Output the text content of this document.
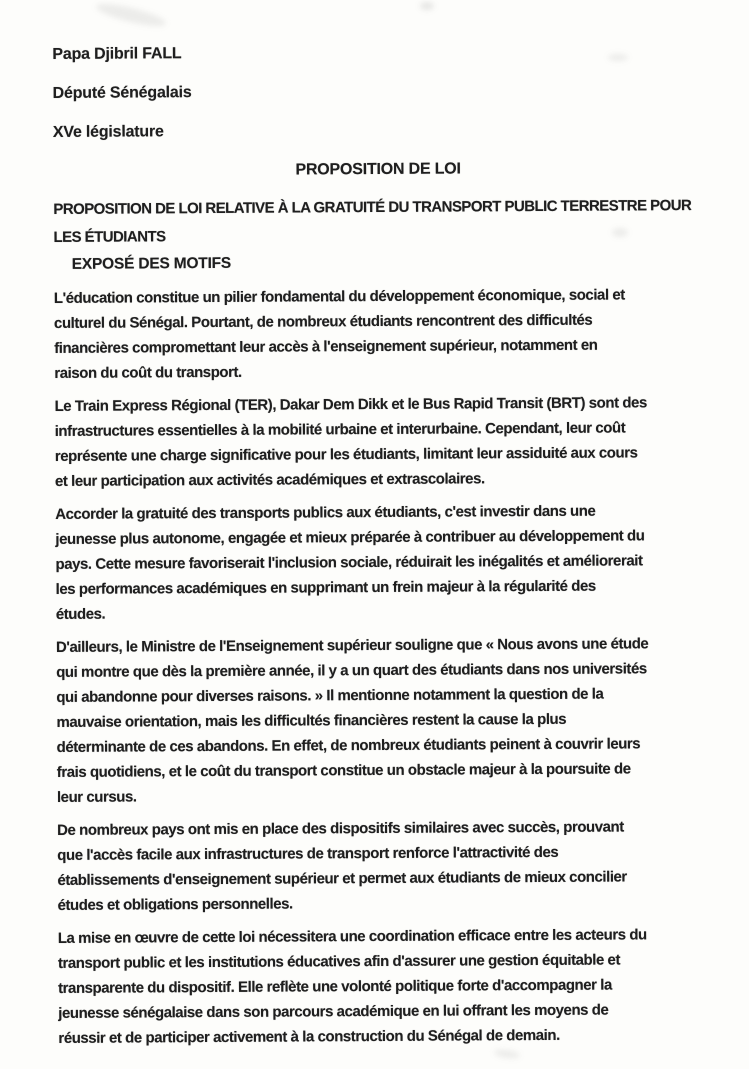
Papa Djibril FALL

Député Sénégalais

XVe législature

PROPOSITION DE LOI
PROPOSITION DE LOI RELATIVE À LA GRATUITÉ DU TRANSPORT PUBLIC TERRESTRE POUR
LES ÉTUDIANTS
EXPOSÉ DES MOTIFS
L'éducation constitue un pilier fondamental du développement économique, social et
culturel du Sénégal. Pourtant, de nombreux étudiants rencontrent des difficultés
financières compromettant leur accès à l'enseignement supérieur, notamment en
raison du coût du transport.
Le Train Express Régional (TER), Dakar Dem Dikk et le Bus Rapid Transit (BRT) sont des
infrastructures essentielles à la mobilité urbaine et interurbaine. Cependant, leur coût
représente une charge significative pour les étudiants, limitant leur assiduité aux cours
et leur participation aux activités académiques et extrascolaires.
Accorder la gratuité des transports publics aux étudiants, c'est investir dans une
jeunesse plus autonome, engagée et mieux préparée à contribuer au développement du
pays. Cette mesure favoriserait l'inclusion sociale, réduirait les inégalités et améliorerait
les performances académiques en supprimant un frein majeur à la régularité des
études.
D'ailleurs, le Ministre de l'Enseignement supérieur souligne que « Nous avons une étude
qui montre que dès la première année, il y a un quart des étudiants dans nos universités
qui abandonne pour diverses raisons. » Il mentionne notamment la question de la
mauvaise orientation, mais les difficultés financières restent la cause la plus
déterminante de ces abandons. En effet, de nombreux étudiants peinent à couvrir leurs
frais quotidiens, et le coût du transport constitue un obstacle majeur à la poursuite de
leur cursus.
De nombreux pays ont mis en place des dispositifs similaires avec succès, prouvant
que l'accès facile aux infrastructures de transport renforce l'attractivité des
établissements d'enseignement supérieur et permet aux étudiants de mieux concilier
études et obligations personnelles.
La mise en œuvre de cette loi nécessitera une coordination efficace entre les acteurs du
transport public et les institutions éducatives afin d'assurer une gestion équitable et
transparente du dispositif. Elle reflète une volonté politique forte d'accompagner la
jeunesse sénégalaise dans son parcours académique en lui offrant les moyens de
réussir et de participer activement à la construction du Sénégal de demain.
